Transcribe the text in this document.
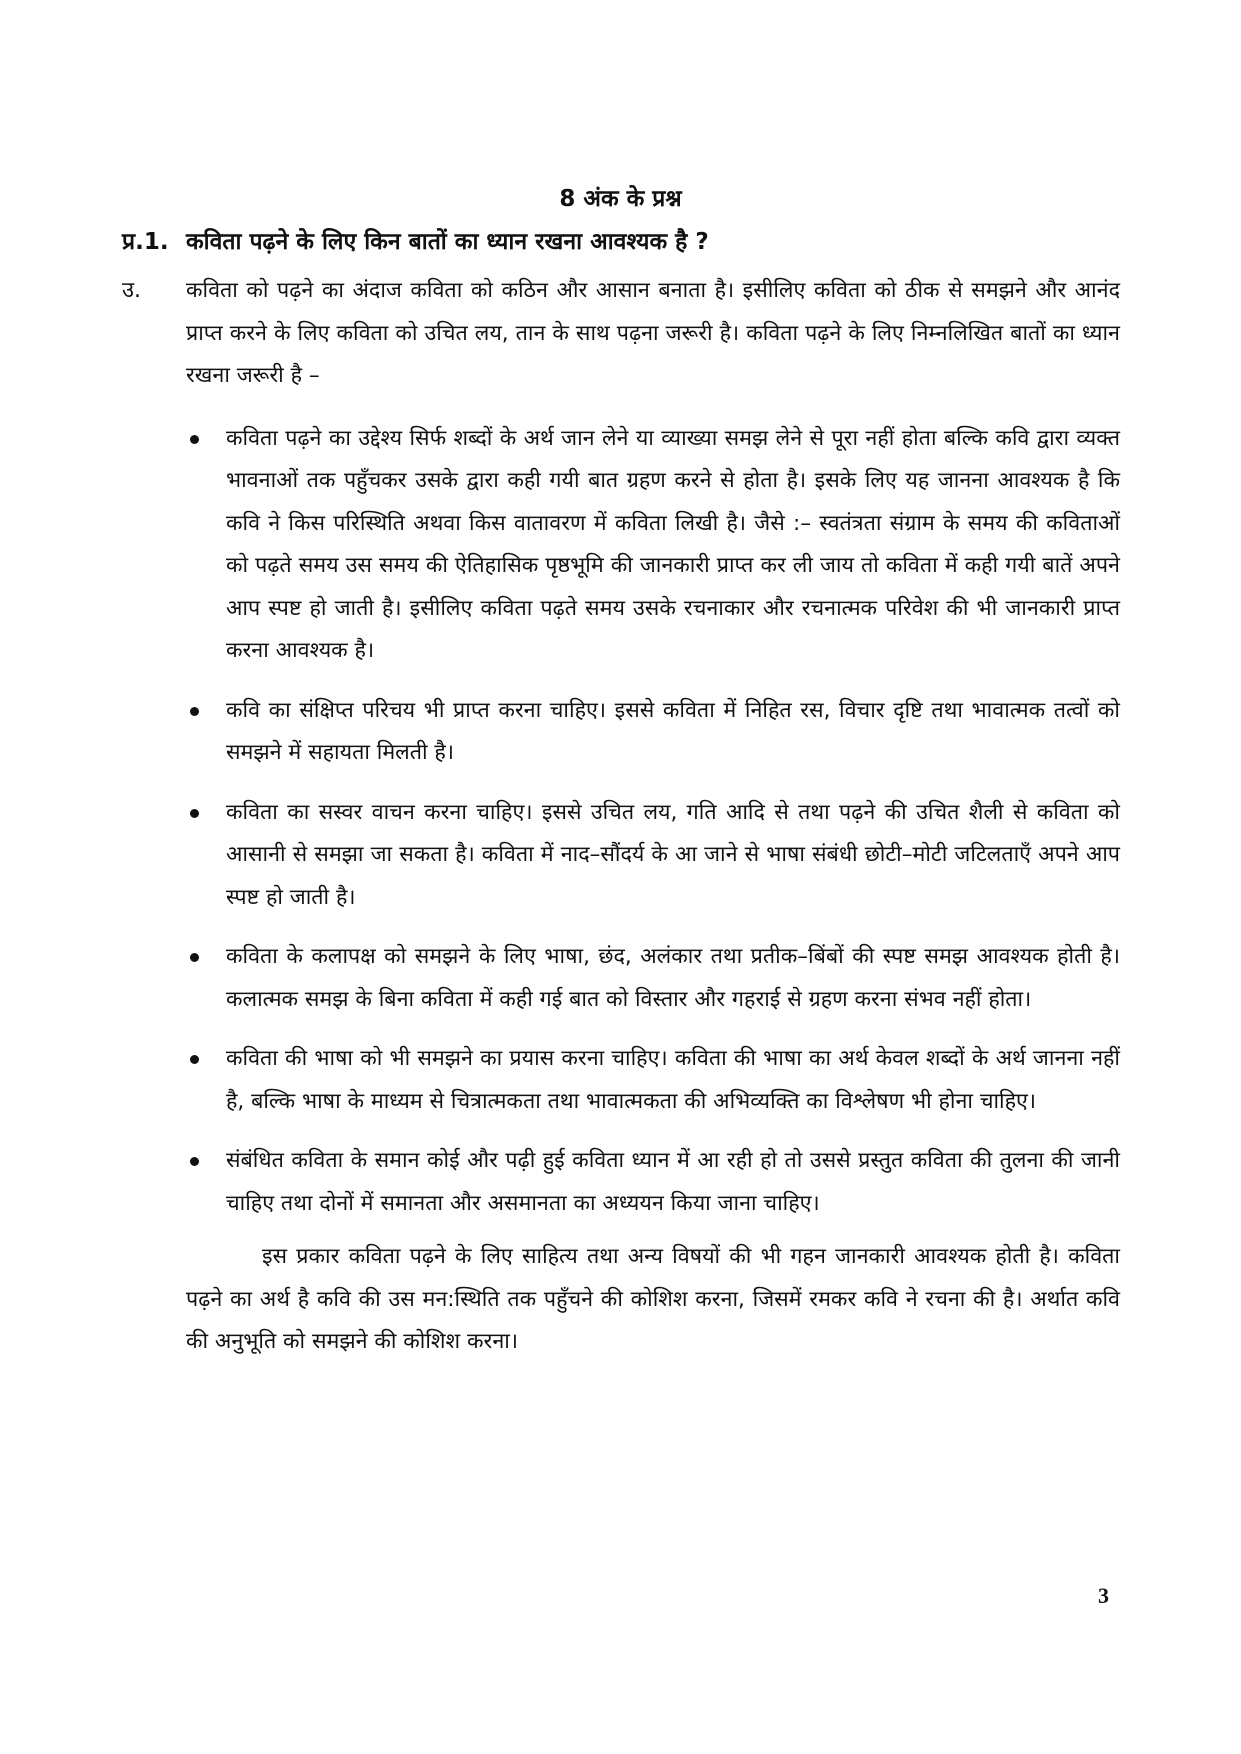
8 अंक के प्रश्न
प्र.1. कविता पढ़ने के लिए किन बातों का ध्यान रखना आवश्यक है ?
उ. कविता को पढ़ने का अंदाज कविता को कठिन और आसान बनाता है। इसीलिए कविता को ठीक से समझने और आनंद प्राप्त करने के लिए कविता को उचित लय, तान के साथ पढ़ना जरूरी है। कविता पढ़ने के लिए निम्नलिखित बातों का ध्यान रखना जरूरी है –

कविता पढ़ने का उद्देश्य सिर्फ शब्दों के अर्थ जान लेने या व्याख्या समझ लेने से पूरा नहीं होता बल्कि कवि द्वारा व्यक्त भावनाओं तक पहुँचकर उसके द्वारा कही गयी बात ग्रहण करने से होता है। इसके लिए यह जानना आवश्यक है कि कवि ने किस परिस्थिति अथवा किस वातावरण में कविता लिखी है। जैसे :– स्वतंत्रता संग्राम के समय की कविताओं को पढ़ते समय उस समय की ऐतिहासिक पृष्ठभूमि की जानकारी प्राप्त कर ली जाय तो कविता में कही गयी बातें अपने आप स्पष्ट हो जाती है। इसीलिए कविता पढ़ते समय उसके रचनाकार और रचनात्मक परिवेश की भी जानकारी प्राप्त करना आवश्यक है।
कवि का संक्षिप्त परिचय भी प्राप्त करना चाहिए। इससे कविता में निहित रस, विचार दृष्टि तथा भावात्मक तत्वों को समझने में सहायता मिलती है।
कविता का सस्वर वाचन करना चाहिए। इससे उचित लय, गति आदि से तथा पढ़ने की उचित शैली से कविता को आसानी से समझा जा सकता है। कविता में नाद–सौंदर्य के आ जाने से भाषा संबंधी छोटी–मोटी जटिलताएँ अपने आप स्पष्ट हो जाती है।
कविता के कलापक्ष को समझने के लिए भाषा, छंद, अलंकार तथा प्रतीक–बिंबों की स्पष्ट समझ आवश्यक होती है। कलात्मक समझ के बिना कविता में कही गई बात को विस्तार और गहराई से ग्रहण करना संभव नहीं होता।
कविता की भाषा को भी समझने का प्रयास करना चाहिए। कविता की भाषा का अर्थ केवल शब्दों के अर्थ जानना नहीं है, बल्कि भाषा के माध्यम से चित्रात्मकता तथा भावात्मकता की अभिव्यक्ति का विश्लेषण भी होना चाहिए।
संबंधित कविता के समान कोई और पढ़ी हुई कविता ध्यान में आ रही हो तो उससे प्रस्तुत कविता की तुलना की जानी चाहिए तथा दोनों में समानता और असमानता का अध्ययन किया जाना चाहिए।

इस प्रकार कविता पढ़ने के लिए साहित्य तथा अन्य विषयों की भी गहन जानकारी आवश्यक होती है। कविता पढ़ने का अर्थ है कवि की उस मन:स्थिति तक पहुँचने की कोशिश करना, जिसमें रमकर कवि ने रचना की है। अर्थात कवि की अनुभूति को समझने की कोशिश करना।

3
